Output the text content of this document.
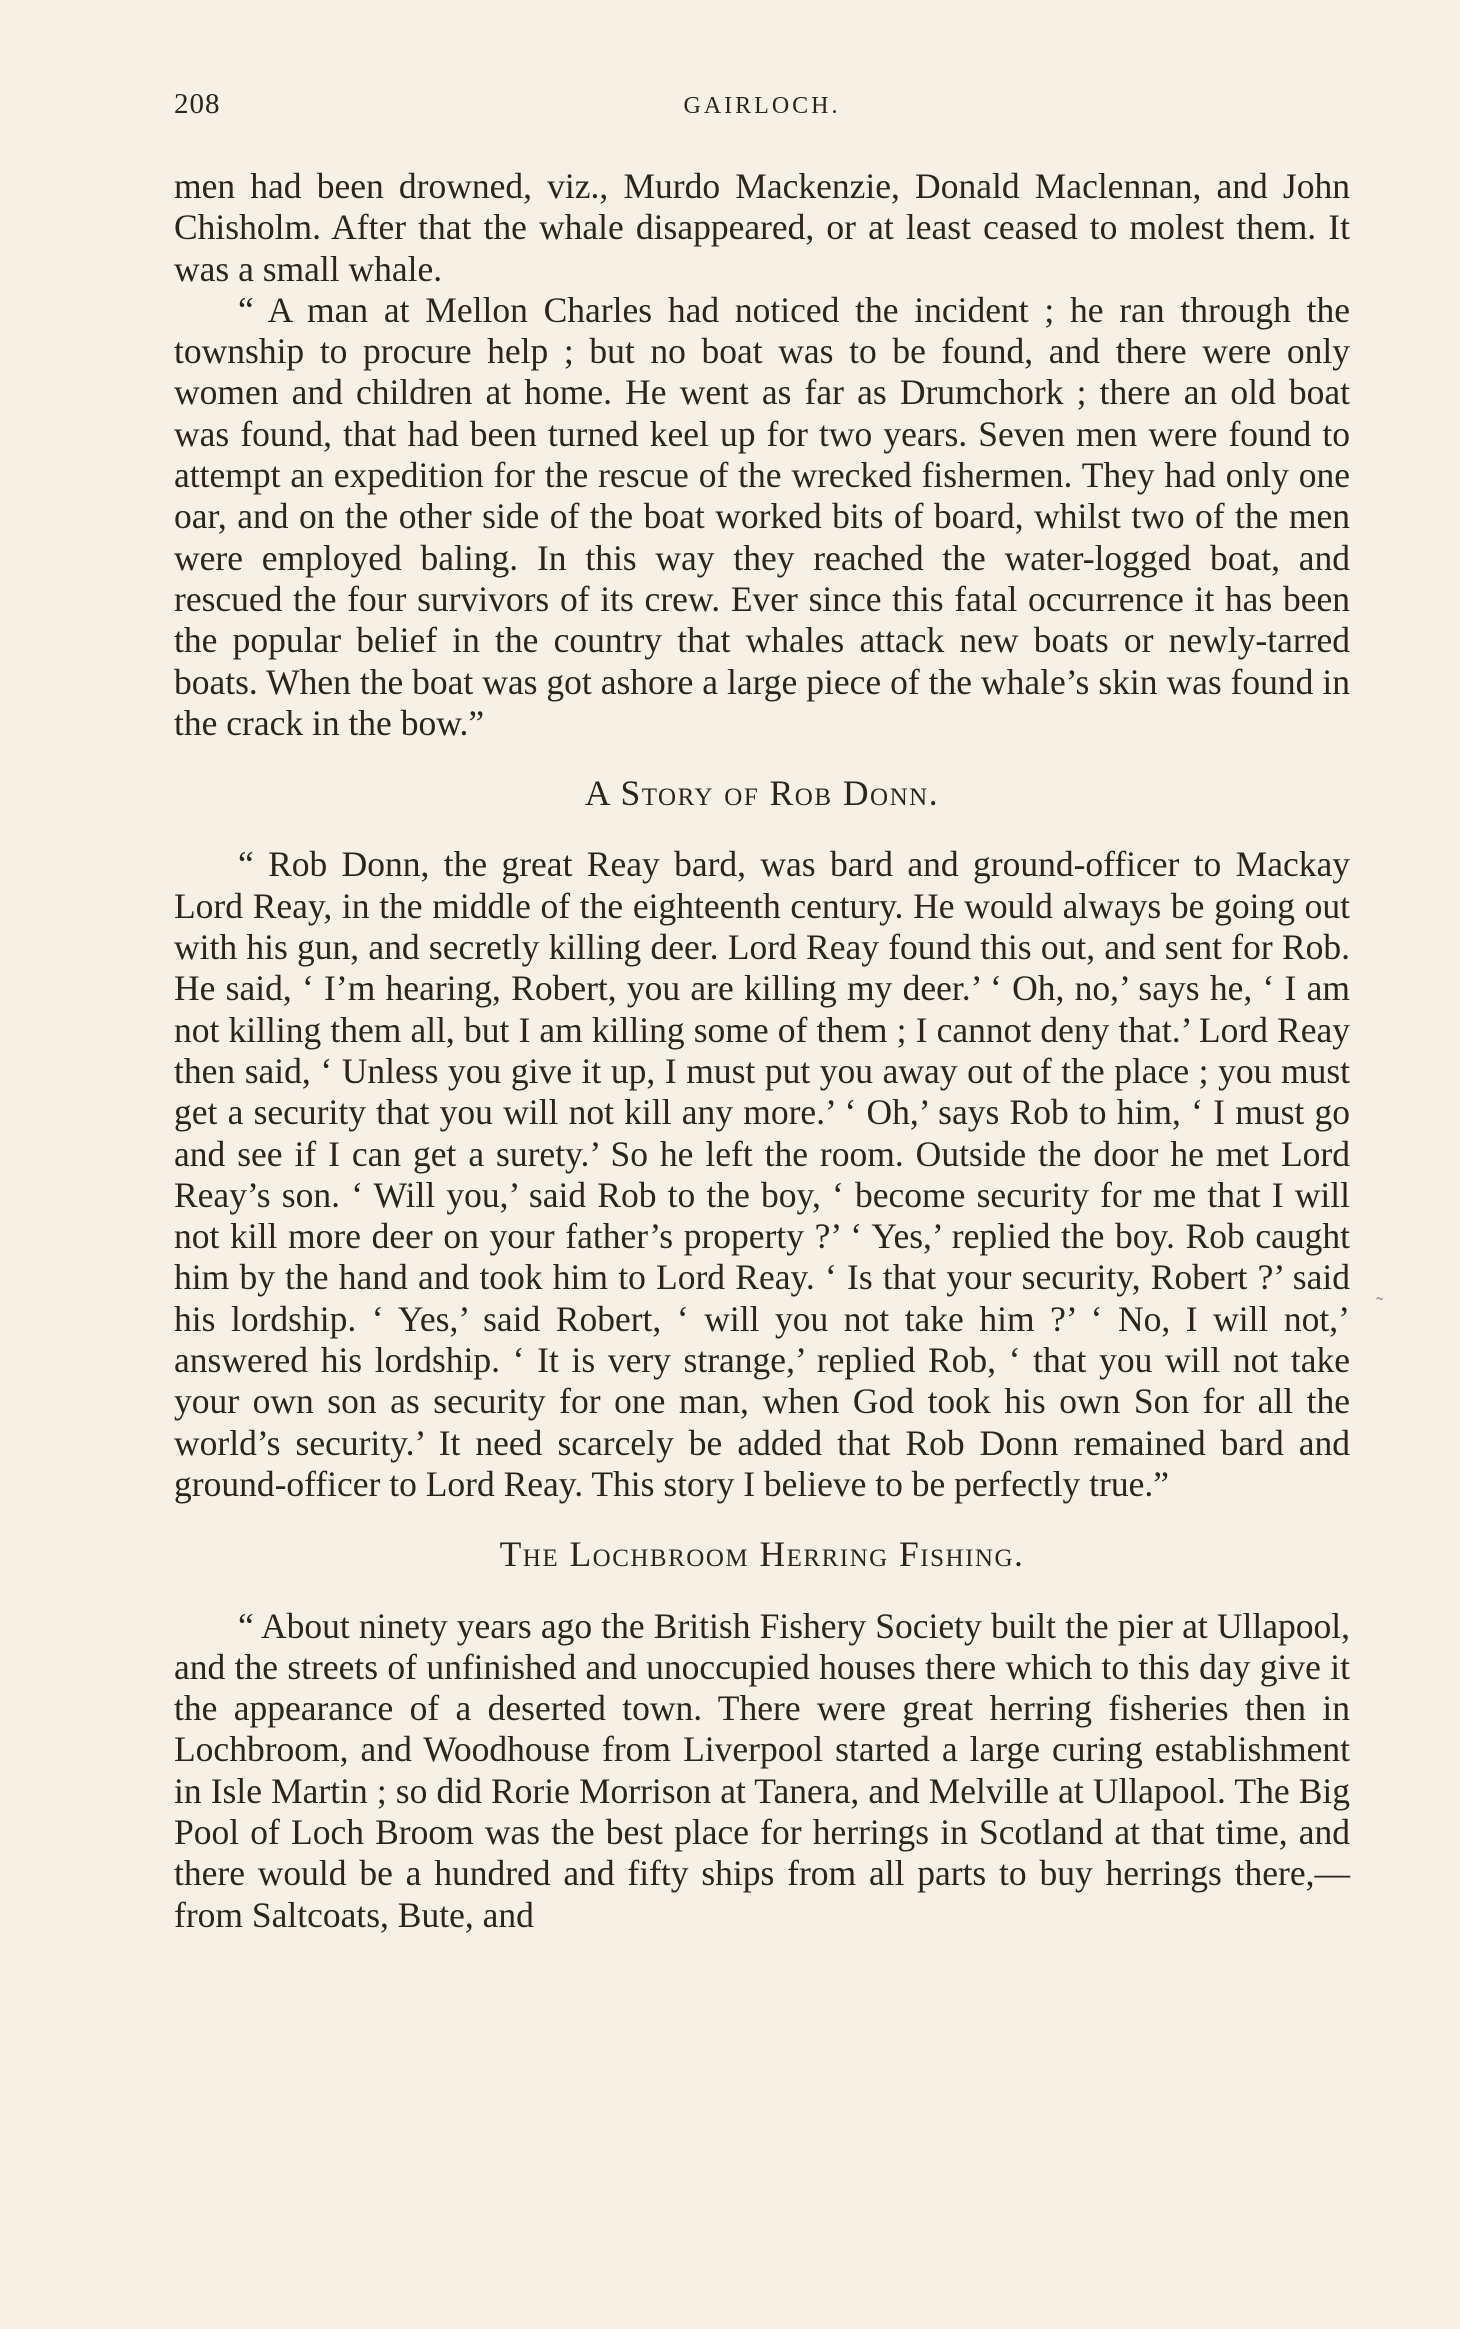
208	GAIRLOCH.

men had been drowned, viz., Murdo Mackenzie, Donald Maclennan, and John Chisholm. After that the whale disappeared, or at least ceased to molest them. It was a small whale.

“ A man at Mellon Charles had noticed the incident ; he ran through the township to procure help ; but no boat was to be found, and there were only women and children at home. He went as far as Drumchork ; there an old boat was found, that had been turned keel up for two years. Seven men were found to attempt an expedition for the rescue of the wrecked fishermen. They had only one oar, and on the other side of the boat worked bits of board, whilst two of the men were employed baling. In this way they reached the water-logged boat, and rescued the four survivors of its crew. Ever since this fatal occurrence it has been the popular belief in the country that whales attack new boats or newly-tarred boats. When the boat was got ashore a large piece of the whale’s skin was found in the crack in the bow.”

A Story of Rob Donn.

“ Rob Donn, the great Reay bard, was bard and ground-officer to Mackay Lord Reay, in the middle of the eighteenth century. He would always be going out with his gun, and secretly killing deer. Lord Reay found this out, and sent for Rob. He said, ‘ I’m hearing, Robert, you are killing my deer.’ ‘ Oh, no,’ says he, ‘ I am not killing them all, but I am killing some of them ; I cannot deny that.’ Lord Reay then said, ‘ Unless you give it up, I must put you away out of the place ; you must get a security that you will not kill any more.’ ‘ Oh,’ says Rob to him, ‘ I must go and see if I can get a surety.’ So he left the room. Outside the door he met Lord Reay’s son. ‘ Will you,’ said Rob to the boy, ‘ become security for me that I will not kill more deer on your father’s property ?’ ‘ Yes,’ replied the boy. Rob caught him by the hand and took him to Lord Reay. ‘ Is that your security, Robert ?’ said his lordship. ‘ Yes,’ said Robert, ‘ will you not take him ?’ ‘ No, I will not,’ answered his lordship. ‘ It is very strange,’ replied Rob, ‘ that you will not take your own son as security for one man, when God took his own Son for all the world’s security.’ It need scarcely be added that Rob Donn remained bard and ground-officer to Lord Reay. This story I believe to be perfectly true.”

The Lochbroom Herring Fishing.

“ About ninety years ago the British Fishery Society built the pier at Ullapool, and the streets of unfinished and unoccupied houses there which to this day give it the appearance of a deserted town. There were great herring fisheries then in Lochbroom, and Woodhouse from Liverpool started a large curing establishment in Isle Martin ; so did Rorie Morrison at Tanera, and Melville at Ullapool. The Big Pool of Loch Broom was the best place for herrings in Scotland at that time, and there would be a hundred and fifty ships from all parts to buy herrings there,—from Saltcoats, Bute, and

˜
